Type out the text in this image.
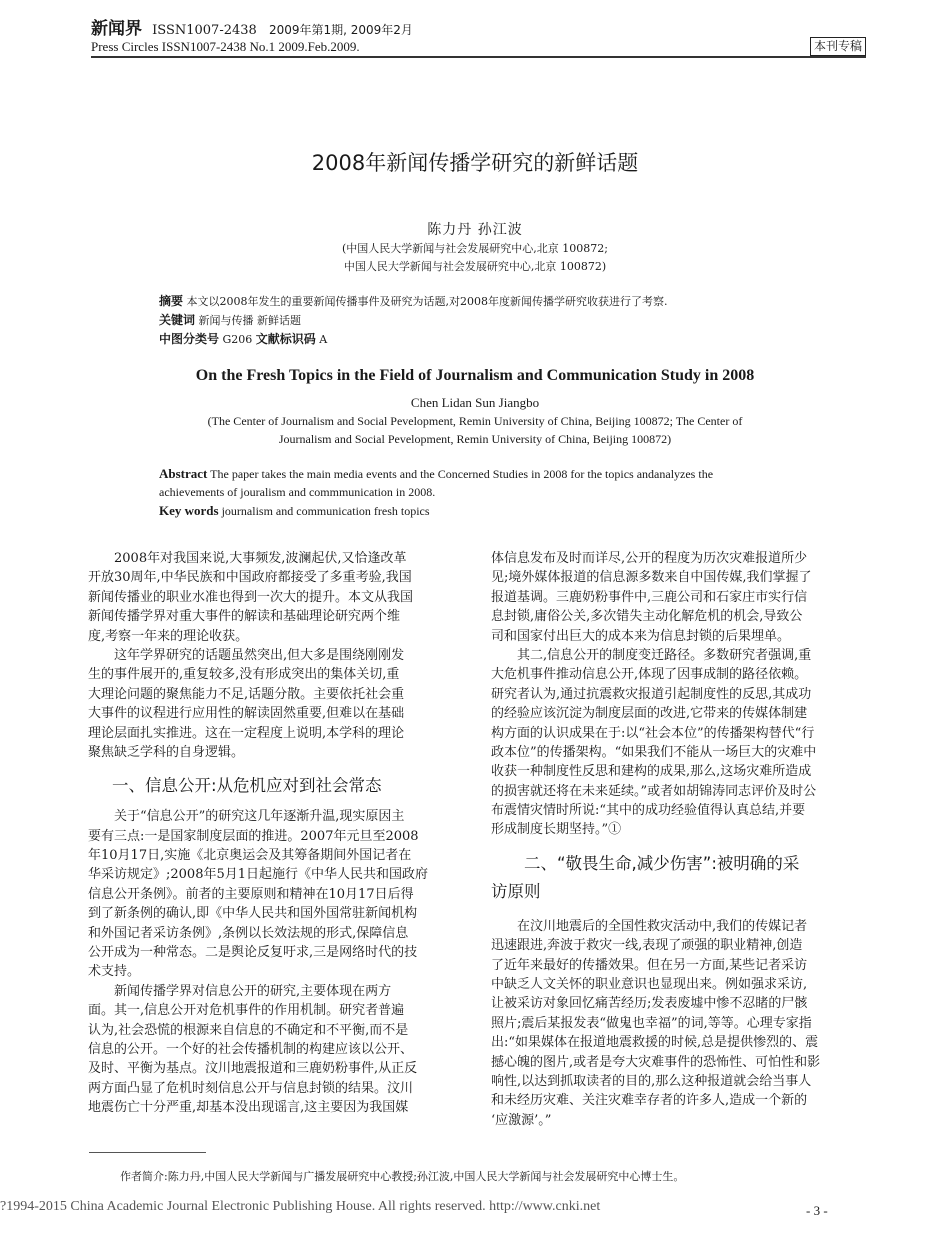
新闻界 ISSN1007-2438 2009年第1期, 2009年2月
Press Circles ISSN1007-2438 No.1 2009.Feb.2009.	本刊专稿
2008年新闻传播学研究的新鲜话题
陈力丹 孙江波
(中国人民大学新闻与社会发展研究中心,北京 100872;
中国人民大学新闻与社会发展研究中心,北京 100872)
摘要 本文以2008年发生的重要新闻传播事件及研究为话题,对2008年度新闻传播学研究收获进行了考察.
关键词 新闻与传播 新鲜话题
中图分类号 G206 文献标识码 A
On the Fresh Topics in the Field of Journalism and Communication Study in 2008
Chen Lidan Sun Jiangbo
(The Center of Journalism and Social Pevelopment, Remin University of China, Beijing 100872; The Center of
Journalism and Social Pevelopment, Remin University of China, Beijing 100872)
Abstract The paper takes the main media events and the Concerned Studies in 2008 for the topics andanalyzes the
achievements of jouralism and commmunication in 2008.
Key words journalism and communication fresh topics
　　2008年对我国来说,大事频发,波澜起伏,又恰逢改革
开放30周年,中华民族和中国政府都接受了多重考验,我国
新闻传播业的职业水准也得到一次大的提升。本文从我国
新闻传播学界对重大事件的解读和基础理论研究两个维
度,考察一年来的理论收获。
　　这年学界研究的话题虽然突出,但大多是围绕刚刚发
生的事件展开的,重复较多,没有形成突出的集体关切,重
大理论问题的聚焦能力不足,话题分散。主要依托社会重
大事件的议程进行应用性的解读固然重要,但难以在基础
理论层面扎实推进。这在一定程度上说明,本学科的理论
聚焦缺乏学科的自身逻辑。
一、信息公开:从危机应对到社会常态
　　关于“信息公开”的研究这几年逐渐升温,现实原因主
要有三点:一是国家制度层面的推进。2007年元旦至2008
年10月17日,实施《北京奥运会及其筹备期间外国记者在
华采访规定》;2008年5月1日起施行《中华人民共和国政府
信息公开条例》。前者的主要原则和精神在10月17日后得
到了新条例的确认,即《中华人民共和国外国常驻新闻机构
和外国记者采访条例》,条例以长效法规的形式,保障信息
公开成为一种常态。二是舆论反复吁求,三是网络时代的技
术支持。
　　新闻传播学界对信息公开的研究,主要体现在两方
面。其一,信息公开对危机事件的作用机制。研究者普遍
认为,社会恐慌的根源来自信息的不确定和不平衡,而不是
信息的公开。一个好的社会传播机制的构建应该以公开、
及时、平衡为基点。汶川地震报道和三鹿奶粉事件,从正反
两方面凸显了危机时刻信息公开与信息封锁的结果。汶川
地震伤亡十分严重,却基本没出现谣言,这主要因为我国媒
体信息发布及时而详尽,公开的程度为历次灾难报道所少
见;境外媒体报道的信息源多数来自中国传媒,我们掌握了
报道基调。三鹿奶粉事件中,三鹿公司和石家庄市实行信
息封锁,庸俗公关,多次错失主动化解危机的机会,导致公
司和国家付出巨大的成本来为信息封锁的后果埋单。
　　其二,信息公开的制度变迁路径。多数研究者强调,重
大危机事件推动信息公开,体现了因事成制的路径依赖。
研究者认为,通过抗震救灾报道引起制度性的反思,其成功
的经验应该沉淀为制度层面的改进,它带来的传媒体制建
构方面的认识成果在于:以“社会本位”的传播架构替代“行
政本位”的传播架构。“如果我们不能从一场巨大的灾难中
收获一种制度性反思和建构的成果,那么,这场灾难所造成
的损害就还将在未来延续。”或者如胡锦涛同志评价及时公
布震情灾情时所说:“其中的成功经验值得认真总结,并要
形成制度长期坚持。”①
　　二、“敬畏生命,减少伤害”:被明确的采
访原则
　　在汶川地震后的全国性救灾活动中,我们的传媒记者
迅速跟进,奔波于救灾一线,表现了顽强的职业精神,创造
了近年来最好的传播效果。但在另一方面,某些记者采访
中缺乏人文关怀的职业意识也显现出来。例如强求采访,
让被采访对象回忆痛苦经历;发表废墟中惨不忍睹的尸骸
照片;震后某报发表“做鬼也幸福”的词,等等。心理专家指
出:“如果媒体在报道地震救援的时候,总是提供惨烈的、震
撼心魄的图片,或者是夸大灾难事件的恐怖性、可怕性和影
响性,以达到抓取读者的目的,那么这种报道就会给当事人
和未经历灾难、关注灾难幸存者的许多人,造成一个新的
‘应激源’。”
作者简介:陈力丹,中国人民大学新闻与广播发展研究中心教授;孙江波,中国人民大学新闻与社会发展研究中心博士生。
?1994-2015 China Academic Journal Electronic Publishing House. All rights reserved. http://www.cnki.net	- 3 -
